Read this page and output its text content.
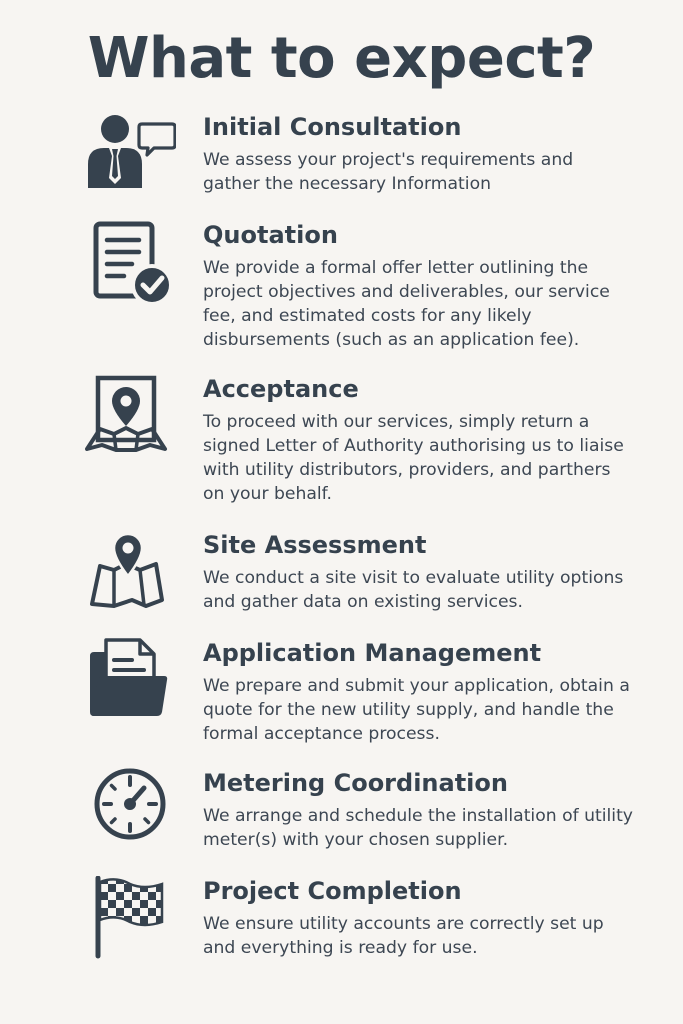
What to expect?
Initial Consultation

We assess your project's requirements and gather the necessary Information

Quotation

We provide a formal offer letter outlining the project objectives and deliverables, our service fee, and estimated costs for any likely disbursements (such as an application fee).

Acceptance

To proceed with our services, simply return a signed Letter of Authority authorising us to liaise with utility distributors, providers, and parthers on your behalf.

Site Assessment

We conduct a site visit to evaluate utility options and gather data on existing services.

Application Management

We prepare and submit your application, obtain a quote for the new utility supply, and handle the formal acceptance process.

Metering Coordination

We arrange and schedule the installation of utility meter(s) with your chosen supplier.

Project Completion

We ensure utility accounts are correctly set up and everything is ready for use.
